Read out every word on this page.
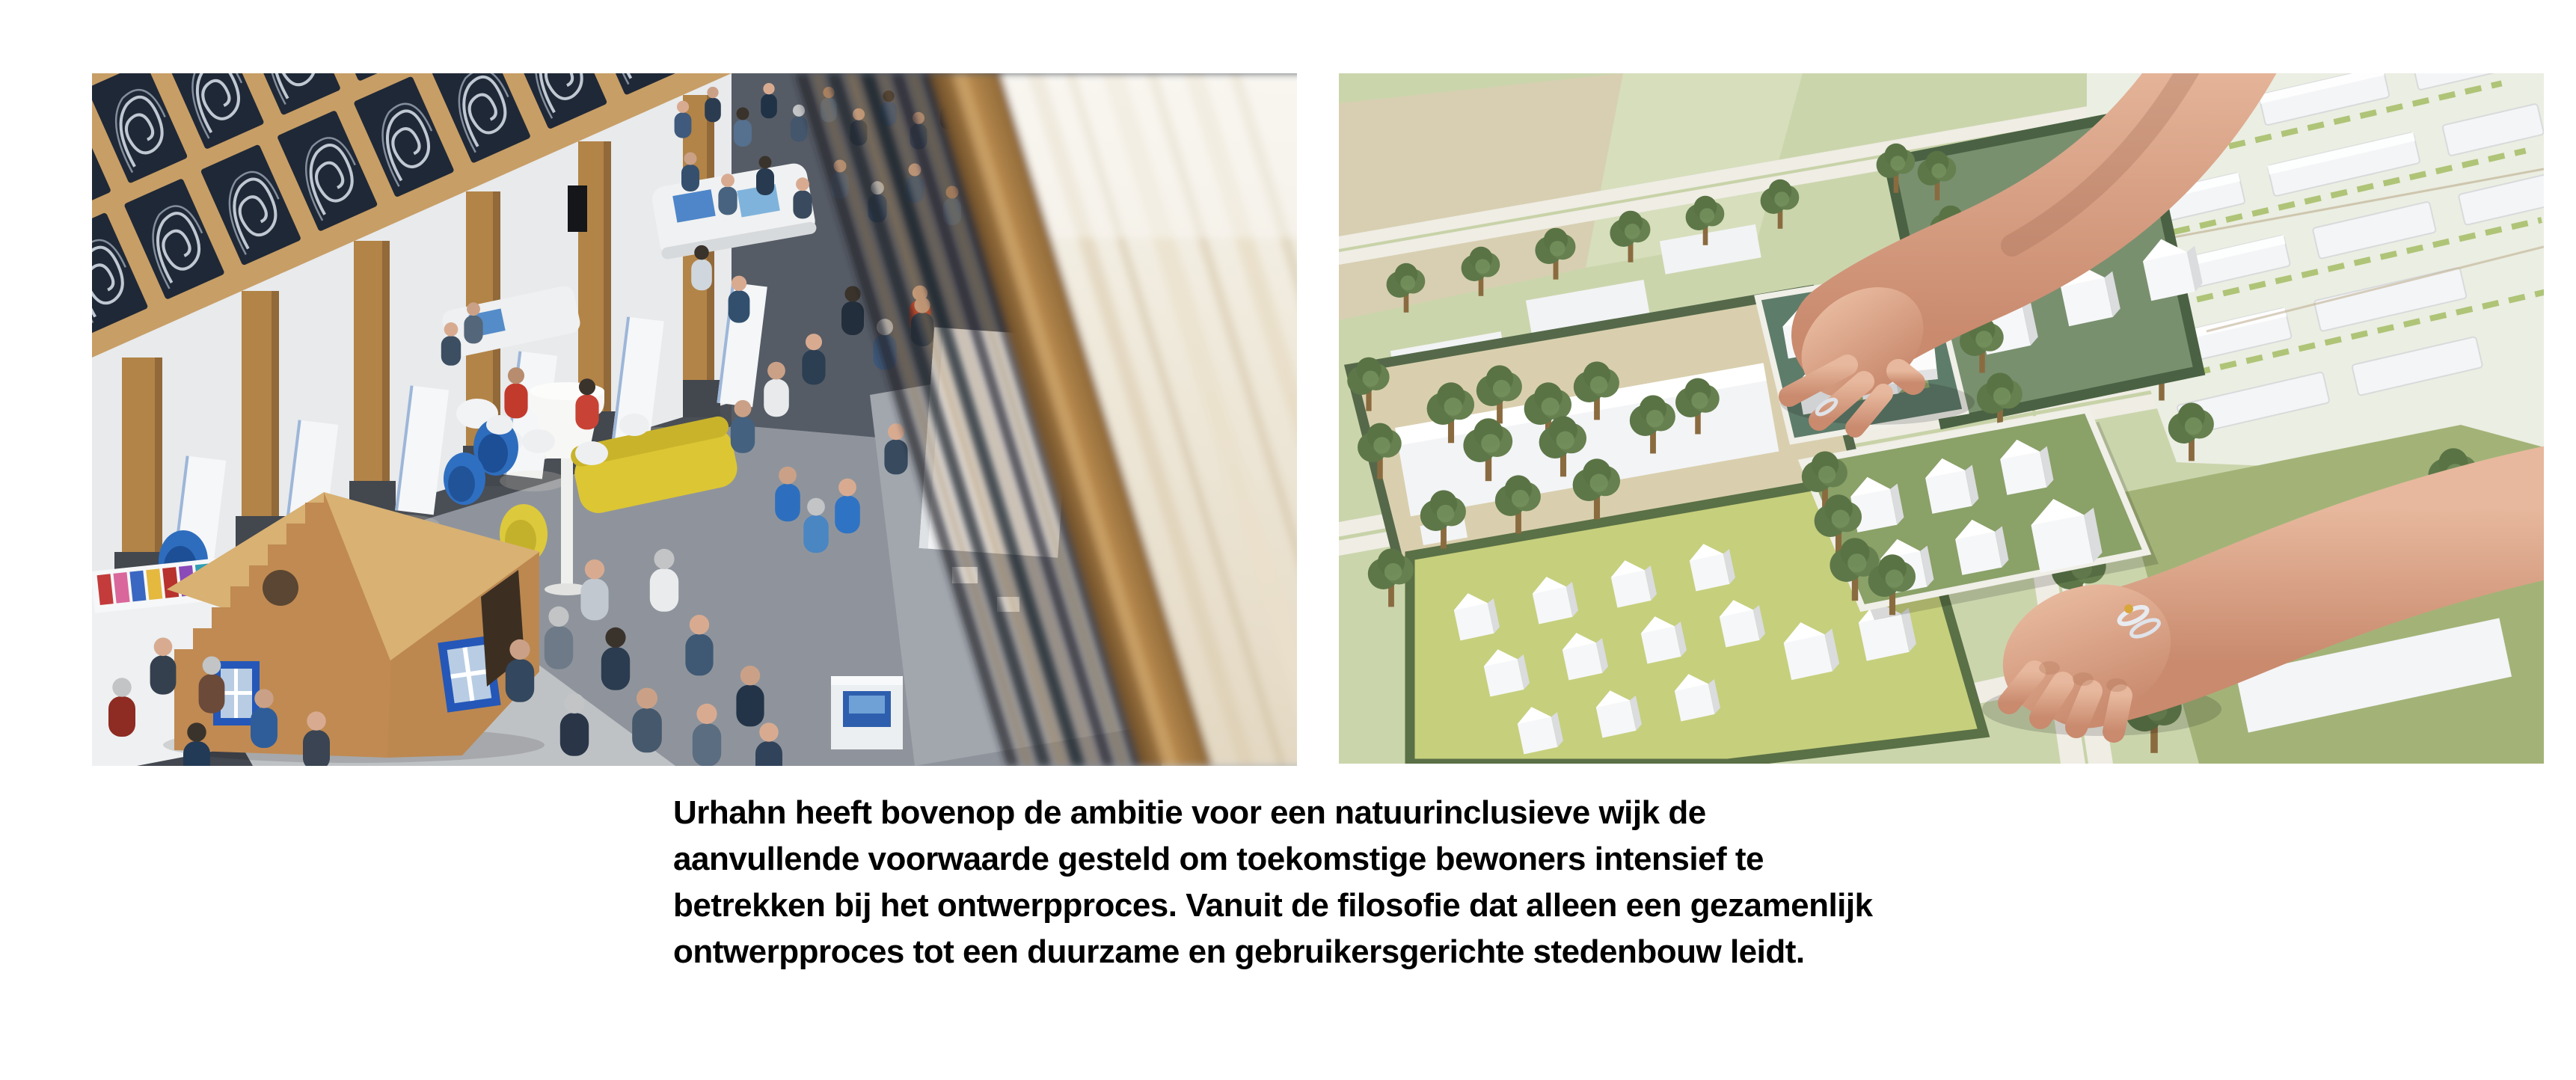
Urhahn heeft bovenop de ambitie voor een natuurinclusieve wijk de
aanvullende voorwaarde gesteld om toekomstige bewoners intensief te
betrekken bij het ontwerpproces. Vanuit de filosofie dat alleen een gezamenlijk
ontwerpproces tot een duurzame en gebruikersgerichte stedenbouw leidt.
